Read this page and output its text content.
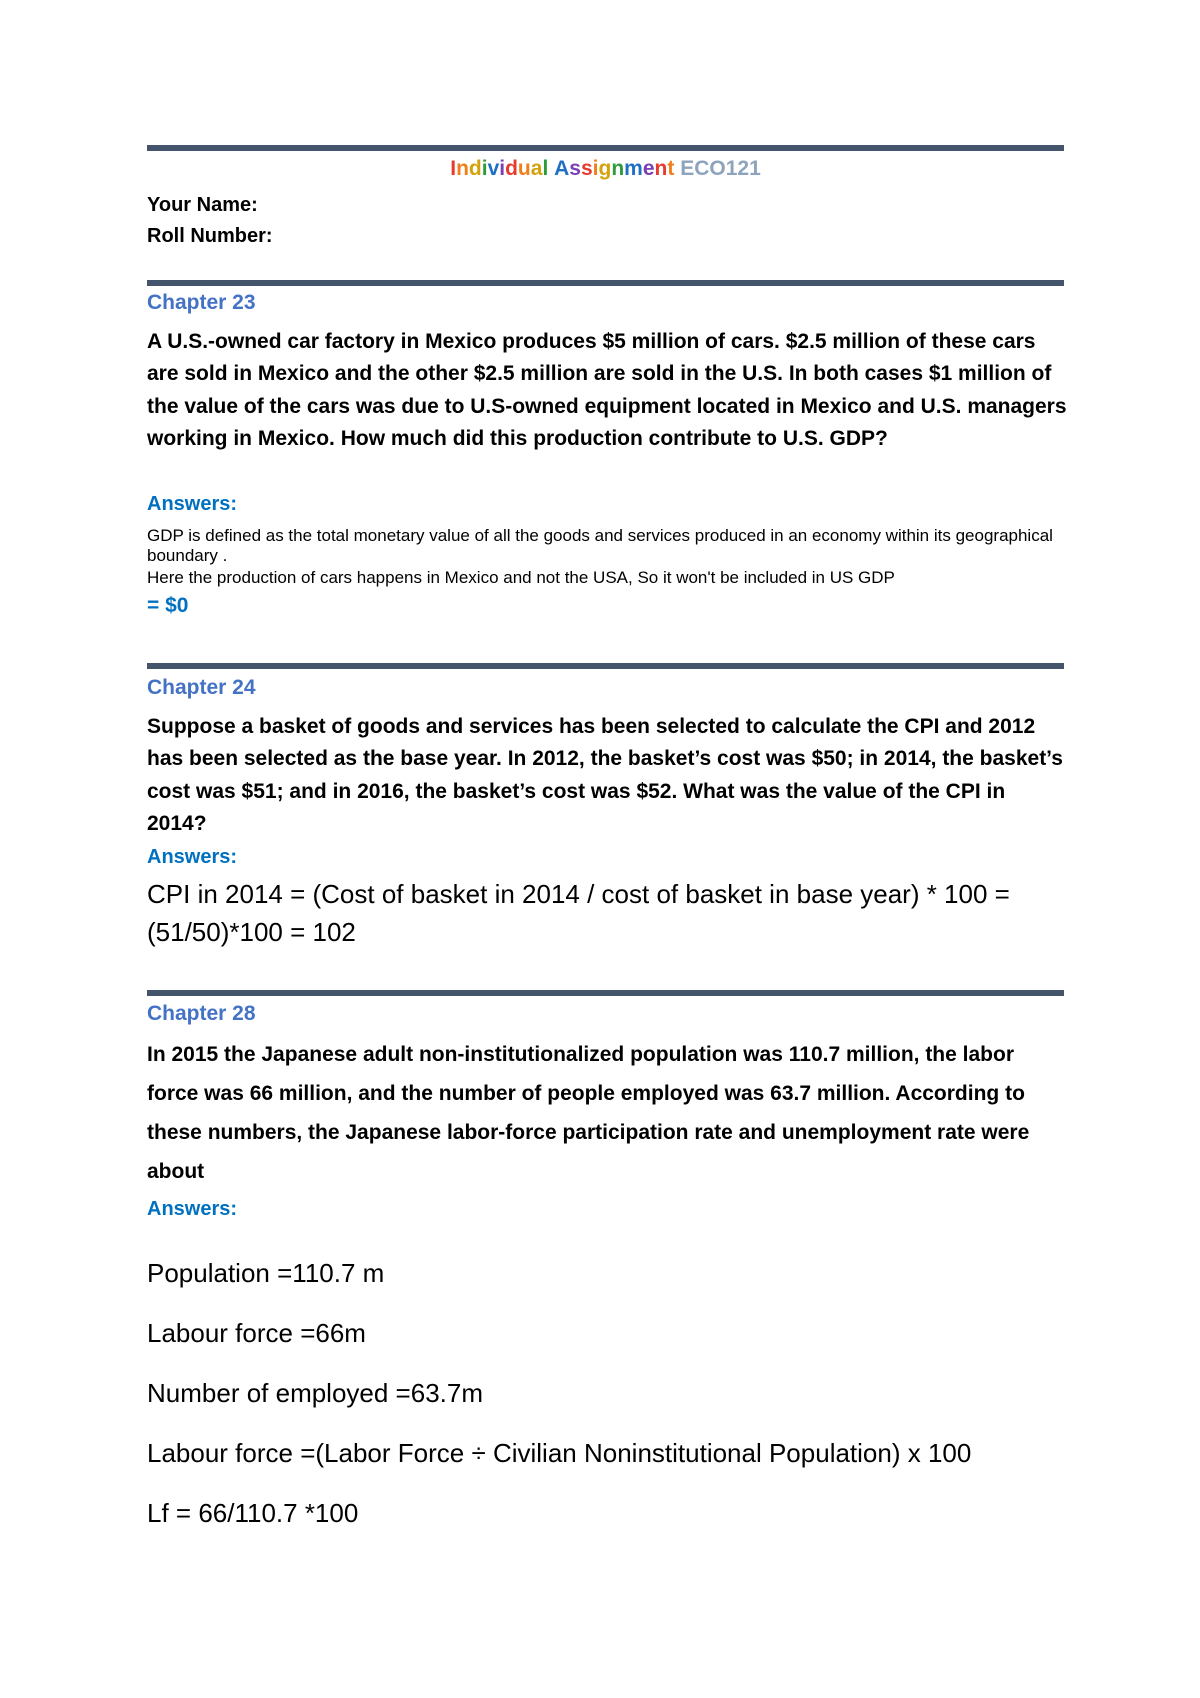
Individual Assignment ECO121
Your Name:
Roll Number:
Chapter 23
A U.S.-owned car factory in Mexico produces $5 million of cars. $2.5 million of these cars are sold in Mexico and the other $2.5 million are sold in the U.S. In both cases $1 million of the value of the cars was due to U.S-owned equipment located in Mexico and U.S. managers working in Mexico. How much did this production contribute to U.S. GDP?
Answers:
GDP is defined as the total monetary value of all the goods and services produced in an economy within its geographical boundary .
Here the production of cars happens in Mexico and not the USA, So it won't be included in US GDP
= $0
Chapter 24
Suppose a basket of goods and services has been selected to calculate the CPI and 2012 has been selected as the base year. In 2012, the basket’s cost was $50; in 2014, the basket’s cost was $51; and in 2016, the basket’s cost was $52. What was the value of the CPI in 2014?
Answers:
CPI in 2014 = (Cost of basket in 2014 / cost of basket in base year) * 100 = (51/50)*100 = 102
Chapter 28
In 2015 the Japanese adult non-institutionalized population was 110.7 million, the labor force was 66 million, and the number of people employed was 63.7 million. According to these numbers, the Japanese labor-force participation rate and unemployment rate were about
Answers:
Population =110.7 m
Labour force =66m
Number of employed =63.7m
Labour force =(Labor Force ÷ Civilian Noninstitutional Population) x 100
Lf = 66/110.7 *100
